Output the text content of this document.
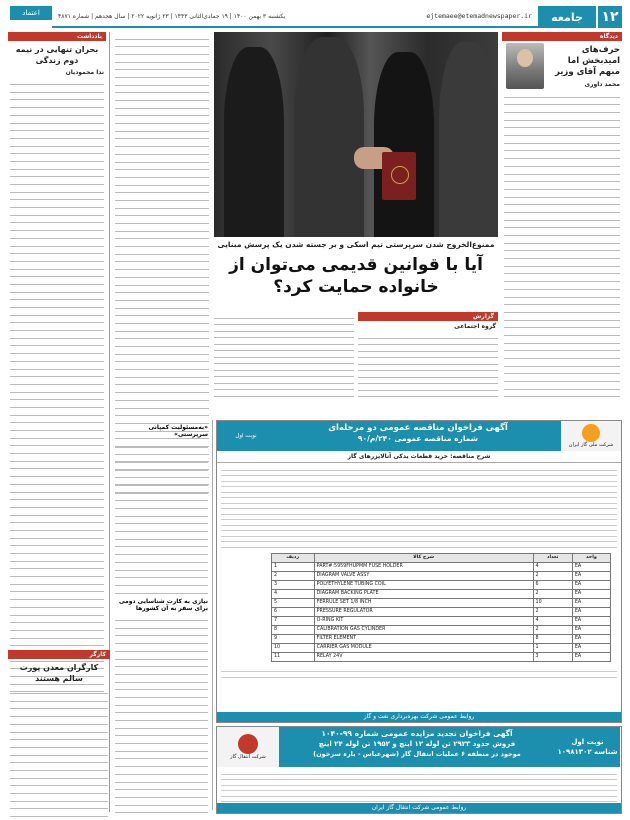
۱۲
جامعه
ejtemaee@etemadnewspaper.ir
یکشنبه ۳ بهمن ۱۴۰۰ | ۱۹ جمادی‌الثانی ۱۴۴۳ | ۲۳ ژانویه ۲۰۲۲ | سال هجدهم | شماره ۴۸۷۱
اعتماد
دیدگاه
حرف‌های امیدبخش اما مبهم آقای وزیر
محمد داوری
یادداشت
بحران تنهایی در نیمه دوم زندگی
ندا محمودیان
کارگر
کارگران معدن پورت سالم هستند
«به‌مسئولیت کمپانی سرپرستی»
نیازی به کارت شناسایی دومی برای سفر به آن کشورها
ممنوع‌الخروج شدن سرپرستی تیم اسکی و بر جسته شدن یک پرسش مبنایی
آیا با قوانین قدیمی می‌توان از خانواده حمایت کرد؟
گزارش
گروه اجتماعی
شرکت ملی گاز ایران
آگهی فراخوان مناقصه عمومی دو مرحله‌ای
شماره مناقصه عمومی ۲۴۰/م/۹۰
نوبت اول
شرح مناقصه: خرید قطعات یدکی آنالایزرهای گاز
ردیف	شرح کالا	تعداد	واحد
1	PART#:5959FHUPMM FUSE HOLDER	4	EA
2	DIAGRAM VALVE ASSY	2	EA
3	POLYETHYLENE TUBING COIL	6	EA
4	DIAGRAM BACKING PLATE	2	EA
5	FERRULE SET 1/8 INCH	10	EA
6	PRESSURE REGULATOR	2	EA
7	O-RING KIT	4	EA
8	CALIBRATION GAS CYLINDER	2	EA
9	FILTER ELEMENT	8	EA
10	CARRIER GAS MODULE	1	EA
11	RELAY 24V	3	EA
روابط عمومی شرکت بهره‌برداری نفت و گاز
نوبت اول
شناسه ۱۰۹۸۱۳۰۲
آگهی فراخوان تجدید مزایده عمومی شماره ۹۹-۱۰۴۰
فروش حدود ۲۹۲۳ تن لوله ۱۲ اینچ و ۱۹۵۲ تن لوله ۲۴ اینچ
موجود در منطقه ۶ عملیات انتقال گاز (شهرعباس - بارہ سرخون)
شرکت انتقال گاز
روابط عمومی شرکت انتقال گاز ایران
